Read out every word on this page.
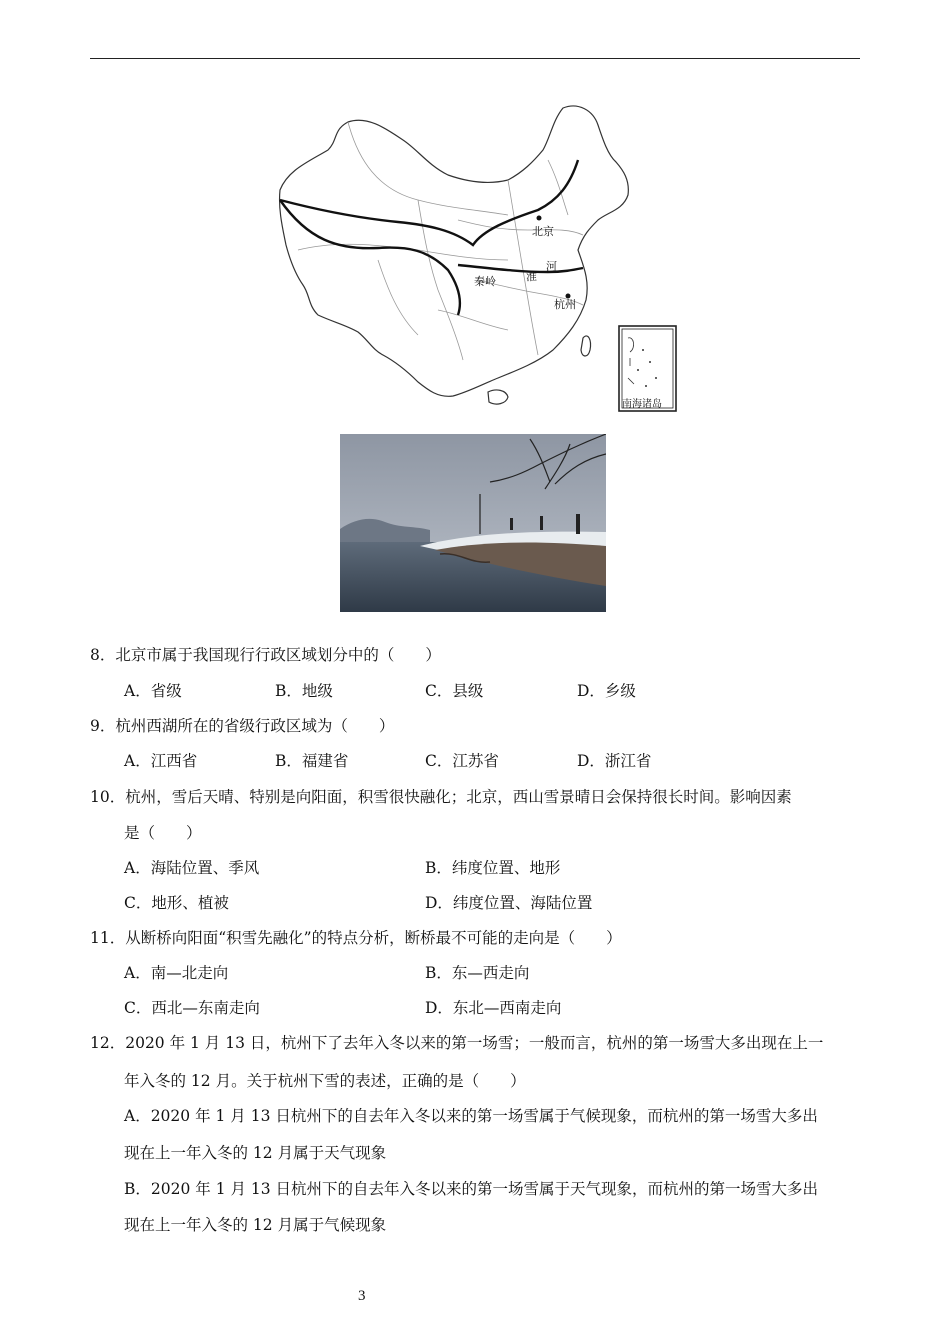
北京
秦岭
河
淮
杭州
南海诸岛
8．北京市属于我国现行行政区域划分中的（　　）
A．省级	B．地级	C．县级	D．乡级
9．杭州西湖所在的省级行政区域为（　　）
A．江西省	B．福建省	C．江苏省	D．浙江省
10．杭州，雪后天晴、特别是向阳面，积雪很快融化；北京，西山雪景晴日会保持很长时间。影响因素
是（　　）
A．海陆位置、季风	B．纬度位置、地形
C．地形、植被	D．纬度位置、海陆位置
11．从断桥向阳面“积雪先融化”的特点分析，断桥最不可能的走向是（　　）
A．南—北走向	B．东—西走向
C．西北—东南走向	D．东北—西南走向
12．2020 年 1 月 13 日，杭州下了去年入冬以来的第一场雪；一般而言，杭州的第一场雪大多出现在上一
年入冬的 12 月。关于杭州下雪的表述，正确的是（　　）
A．2020 年 1 月 13 日杭州下的自去年入冬以来的第一场雪属于气候现象，而杭州的第一场雪大多出
现在上一年入冬的 12 月属于天气现象
B．2020 年 1 月 13 日杭州下的自去年入冬以来的第一场雪属于天气现象，而杭州的第一场雪大多出
现在上一年入冬的 12 月属于气候现象
3
